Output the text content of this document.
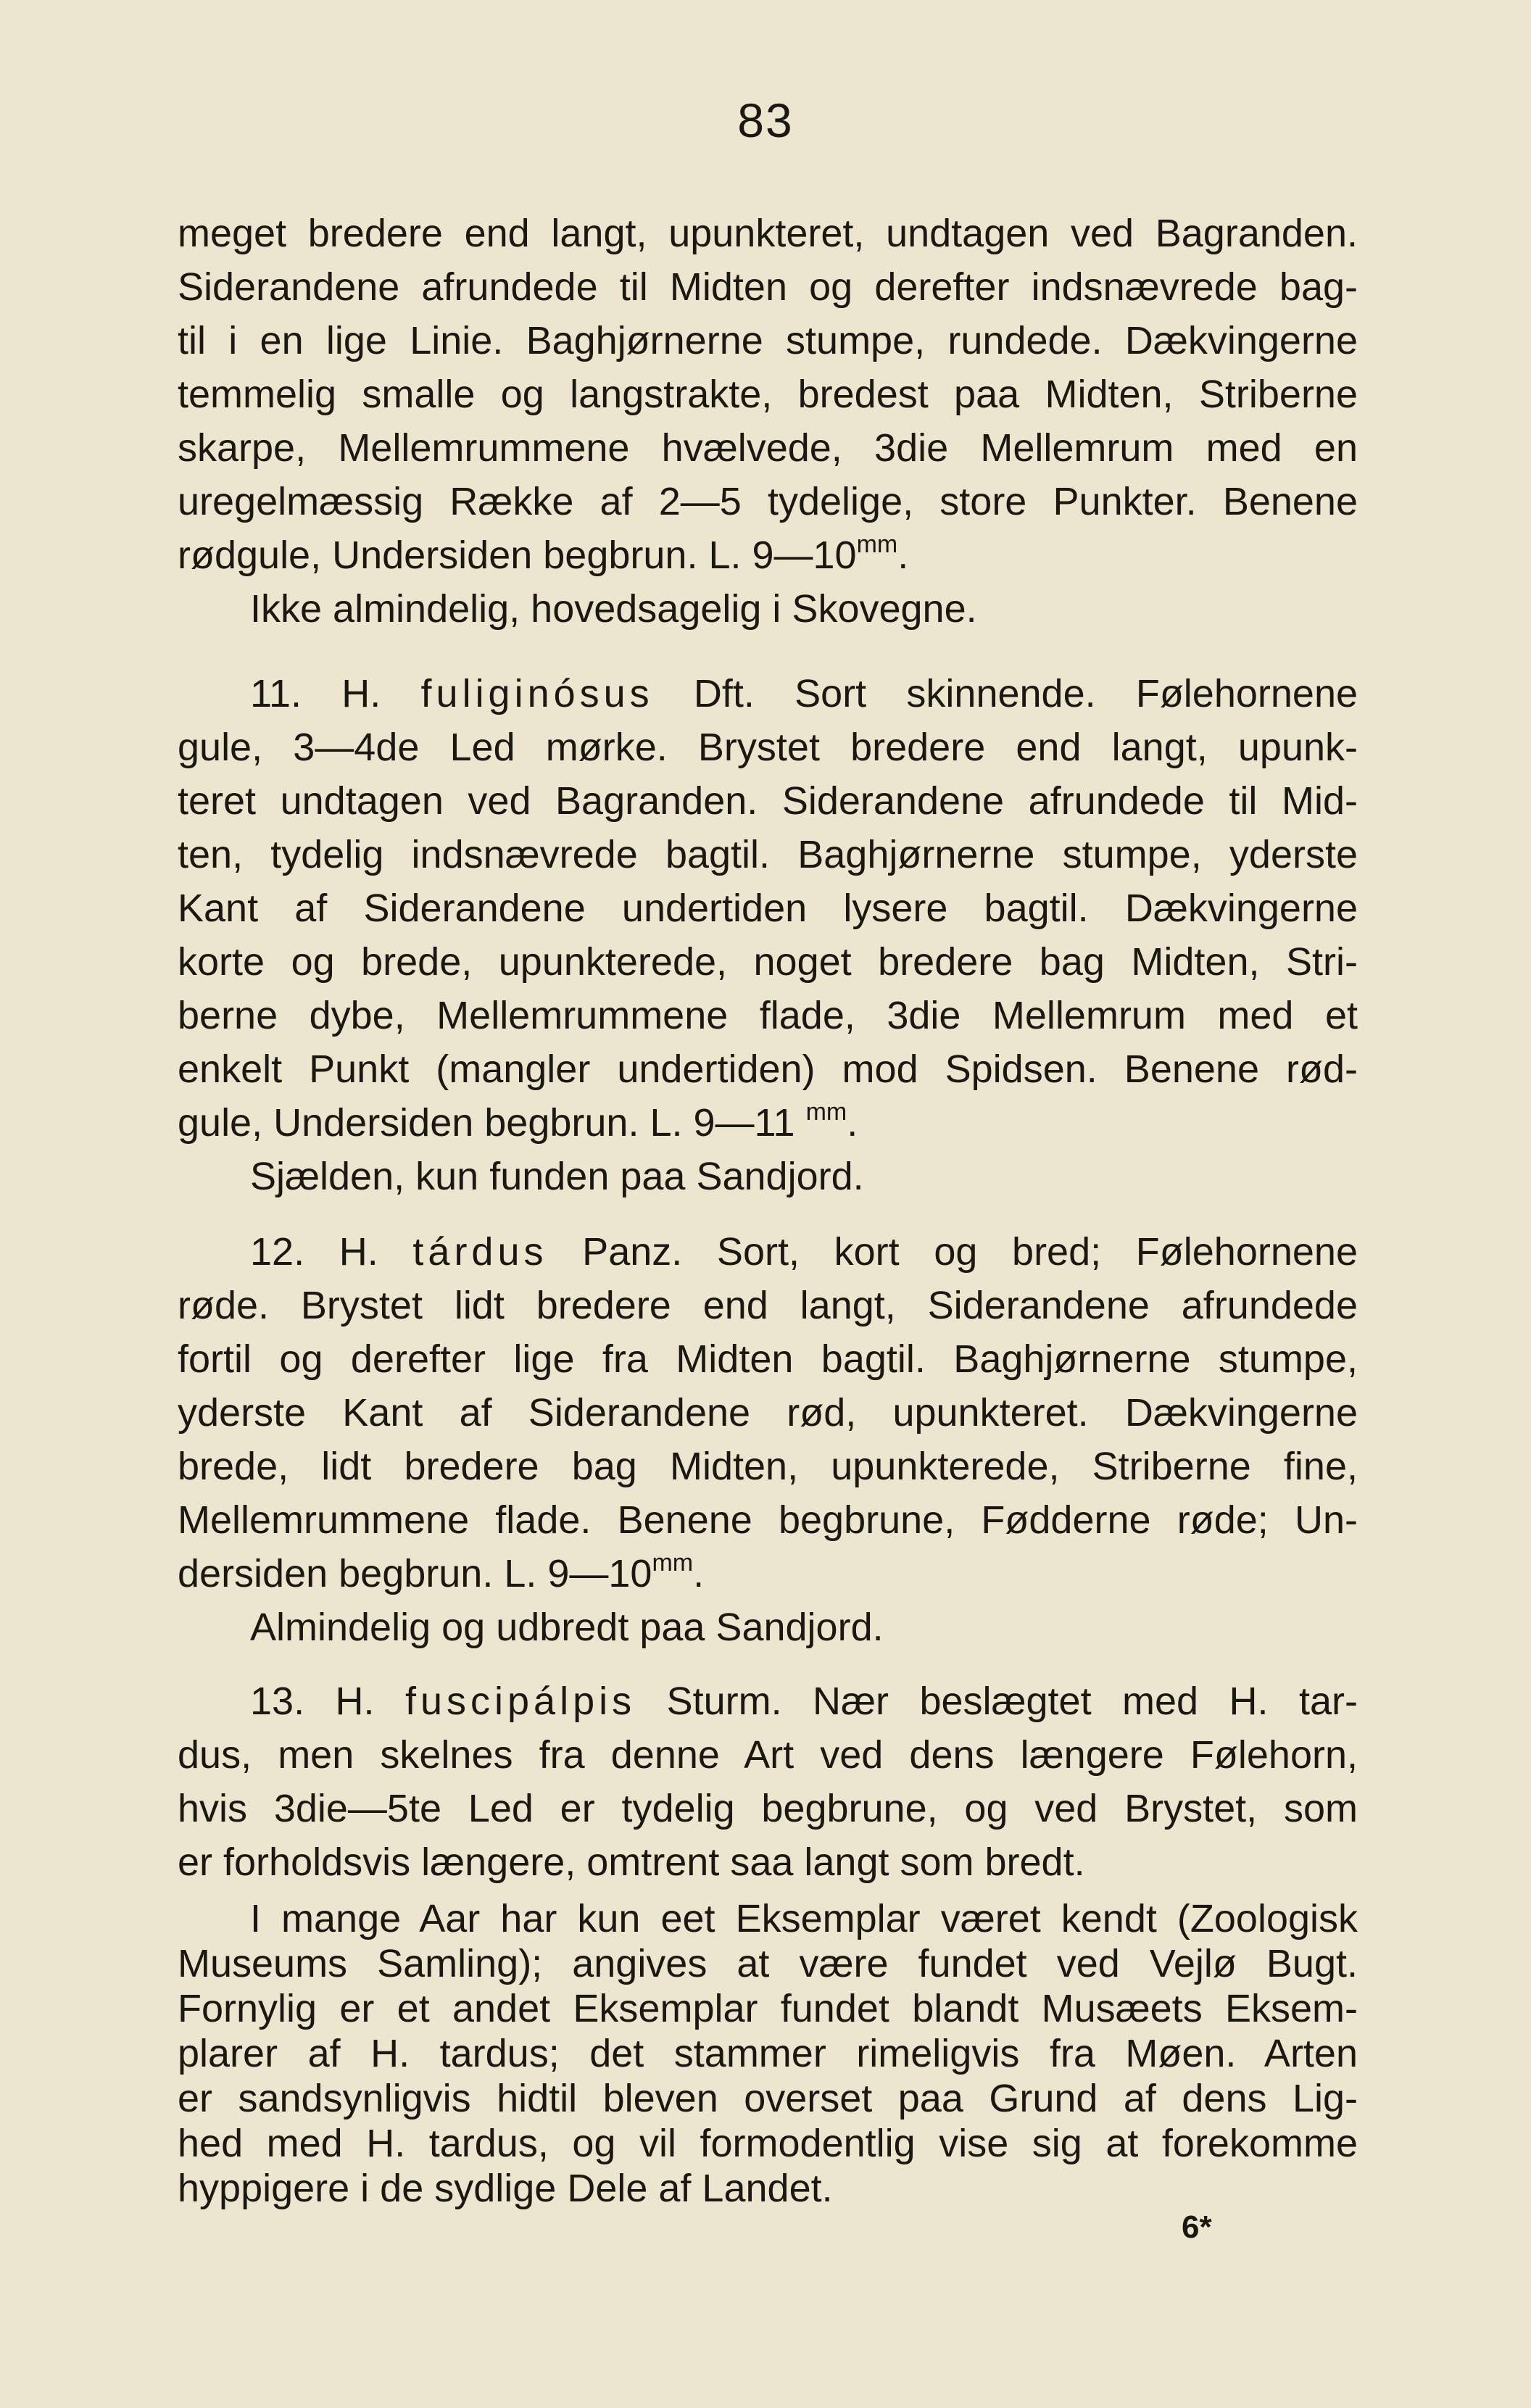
83
meget bredere end langt, upunkteret, undtagen ved Bagranden.
Siderandene afrundede til Midten og derefter indsnævrede bag-
til i en lige Linie. Baghjørnerne stumpe, rundede. Dækvingerne
temmelig smalle og langstrakte, bredest paa Midten, Striberne
skarpe, Mellemrummene hvælvede, 3die Mellemrum med en
uregelmæssig Række af 2—5 tydelige, store Punkter. Benene
rødgule, Undersiden begbrun. L. $9—10^{mm}$.
Ikke almindelig, hovedsagelig i Skovegne.
11. H. fuliginósus Dft. Sort skinnende. Følehornene
gule, 3—4de Led mørke. Brystet bredere end langt, upunk-
teret undtagen ved Bagranden. Siderandene afrundede til Mid-
ten, tydelig indsnævrede bagtil. Baghjørnerne stumpe, yderste
Kant af Siderandene undertiden lysere bagtil. Dækvingerne
korte og brede, upunkterede, noget bredere bag Midten, Stri-
berne dybe, Mellemrummene flade, 3die Mellemrum med et
enkelt Punkt (mangler undertiden) mod Spidsen. Benene rød-
gule, Undersiden begbrun. L. 9—11 $^{mm}$.
Sjælden, kun funden paa Sandjord.
12. H. tárdus Panz. Sort, kort og bred; Følehornene
røde. Brystet lidt bredere end langt, Siderandene afrundede
fortil og derefter lige fra Midten bagtil. Baghjørnerne stumpe,
yderste Kant af Siderandene rød, upunkteret. Dækvingerne
brede, lidt bredere bag Midten, upunkterede, Striberne fine,
Mellemrummene flade. Benene begbrune, Fødderne røde; Un-
dersiden begbrun. L. $9—10^{mm}$.
Almindelig og udbredt paa Sandjord.
13. H. fuscipálpis Sturm. Nær beslægtet med H. tar-
dus, men skelnes fra denne Art ved dens længere Følehorn,
hvis 3die—5te Led er tydelig begbrune, og ved Brystet, som
er forholdsvis længere, omtrent saa langt som bredt.
I mange Aar har kun eet Eksemplar været kendt (Zoologisk
Museums Samling); angives at være fundet ved Vejlø Bugt.
Fornylig er et andet Eksemplar fundet blandt Musæets Eksem-
plarer af H. tardus; det stammer rimeligvis fra Møen. Arten
er sandsynligvis hidtil bleven overset paa Grund af dens Lig-
hed med H. tardus, og vil formodentlig vise sig at forekomme
hyppigere i de sydlige Dele af Landet.
6*
